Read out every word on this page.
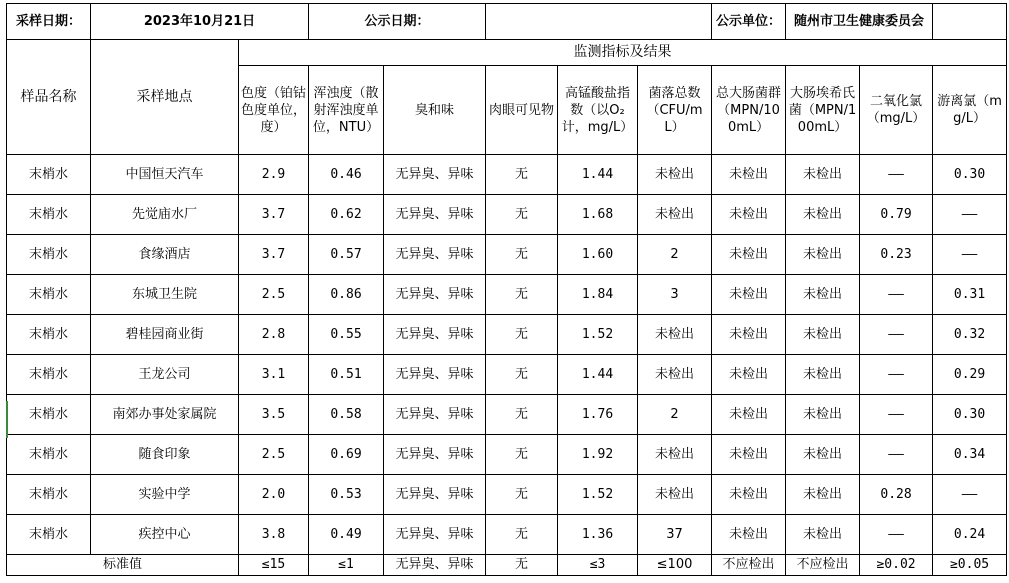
采样日期：	2023年10月21日		公示日期：					公示单位：	随州市卫生健康委员会		
样品名称	采样地点	监测指标及结果									

		色度（铂钴色度单位，度）	浑浊度（散射浑浊度单位，NTU）	臭和味	肉眼可见物	高锰酸盐指数（以O₂计，mg/L）	菌落总数（CFU/mL）	总大肠菌群（MPN/100mL）	大肠埃希氏菌（MPN/100mL）	二氧化氯（mg/L）	游离氯（mg/L）

末梢水	中国恒天汽车	2.9	0.46	无异臭、异味	无	1.44	未检出	未检出	未检出	——	0.30
末梢水	先觉庙水厂	3.7	0.62	无异臭、异味	无	1.68	未检出	未检出	未检出	0.79	——
末梢水	食缘酒店	3.7	0.57	无异臭、异味	无	1.60	2	未检出	未检出	0.23	——
末梢水	东城卫生院	2.5	0.86	无异臭、异味	无	1.84	3	未检出	未检出	——	0.31
末梢水	碧桂园商业街	2.8	0.55	无异臭、异味	无	1.52	未检出	未检出	未检出	——	0.32
末梢水	王龙公司	3.1	0.51	无异臭、异味	无	1.44	未检出	未检出	未检出	——	0.29
末梢水	南郊办事处家属院	3.5	0.58	无异臭、异味	无	1.76	2	未检出	未检出	——	0.30
末梢水	随食印象	2.5	0.69	无异臭、异味	无	1.92	未检出	未检出	未检出	——	0.34
末梢水	实验中学	2.0	0.53	无异臭、异味	无	1.52	未检出	未检出	未检出	0.28	——
末梢水	疾控中心	3.8	0.49	无异臭、异味	无	1.36	37	未检出	未检出	——	0.24
标准值		≤15	≤1	无异臭、异味	无	≤3	≤100	不应检出	不应检出	≥0.02	≥0.05
